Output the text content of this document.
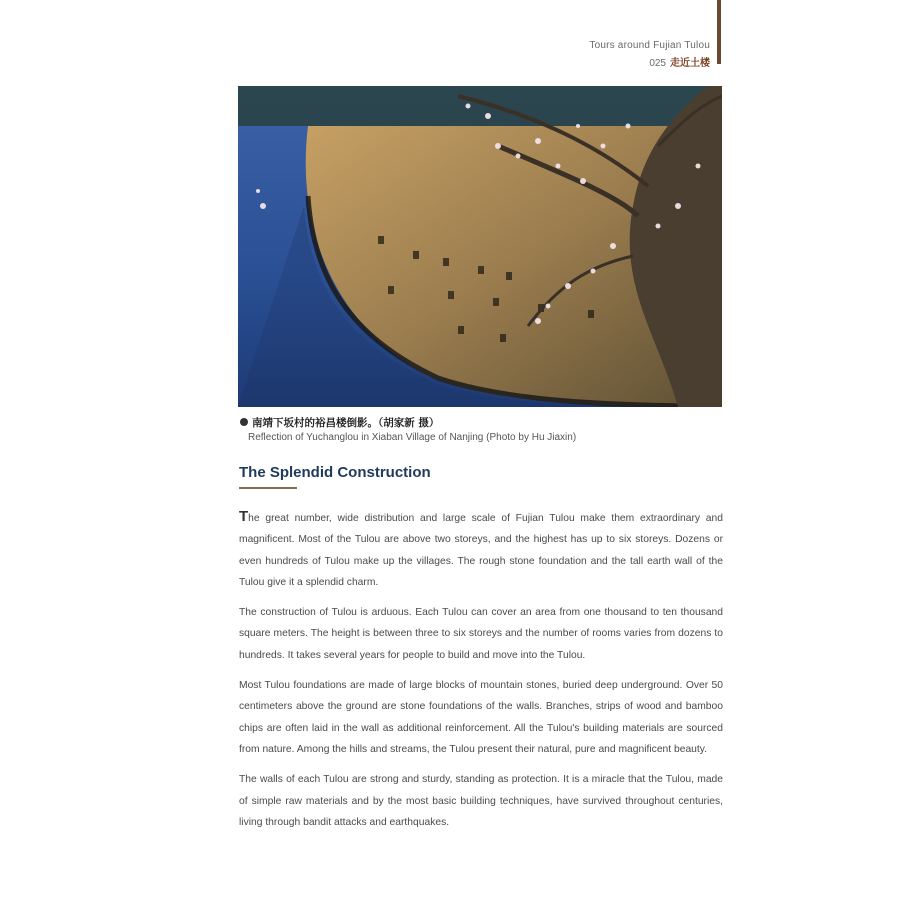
Tours around Fujian Tulou
025 走近土楼
南靖下坂村的裕昌楼倒影。（胡家新 摄）
Reflection of Yuchanglou in Xiaban Village of Nanjing (Photo by Hu Jiaxin)
The Splendid Construction

The great number, wide distribution and large scale of Fujian Tulou make them extraordinary and magnificent. Most of the Tulou are above two storeys, and the highest has up to six storeys. Dozens or even hundreds of Tulou make up the villages. The rough stone foundation and the tall earth wall of the Tulou give it a splendid charm.

The construction of Tulou is arduous. Each Tulou can cover an area from one thousand to ten thousand square meters. The height is between three to six storeys and the number of rooms varies from dozens to hundreds. It takes several years for people to build and move into the Tulou.

Most Tulou foundations are made of large blocks of mountain stones, buried deep underground. Over 50 centimeters above the ground are stone foundations of the walls. Branches, strips of wood and bamboo chips are often laid in the wall as additional reinforcement. All the Tulou's building materials are sourced from nature. Among the hills and streams, the Tulou present their natural, pure and magnificent beauty.

The walls of each Tulou are strong and sturdy, standing as protection. It is a miracle that the Tulou, made of simple raw materials and by the most basic building techniques, have survived throughout centuries, living through bandit attacks and earthquakes.
